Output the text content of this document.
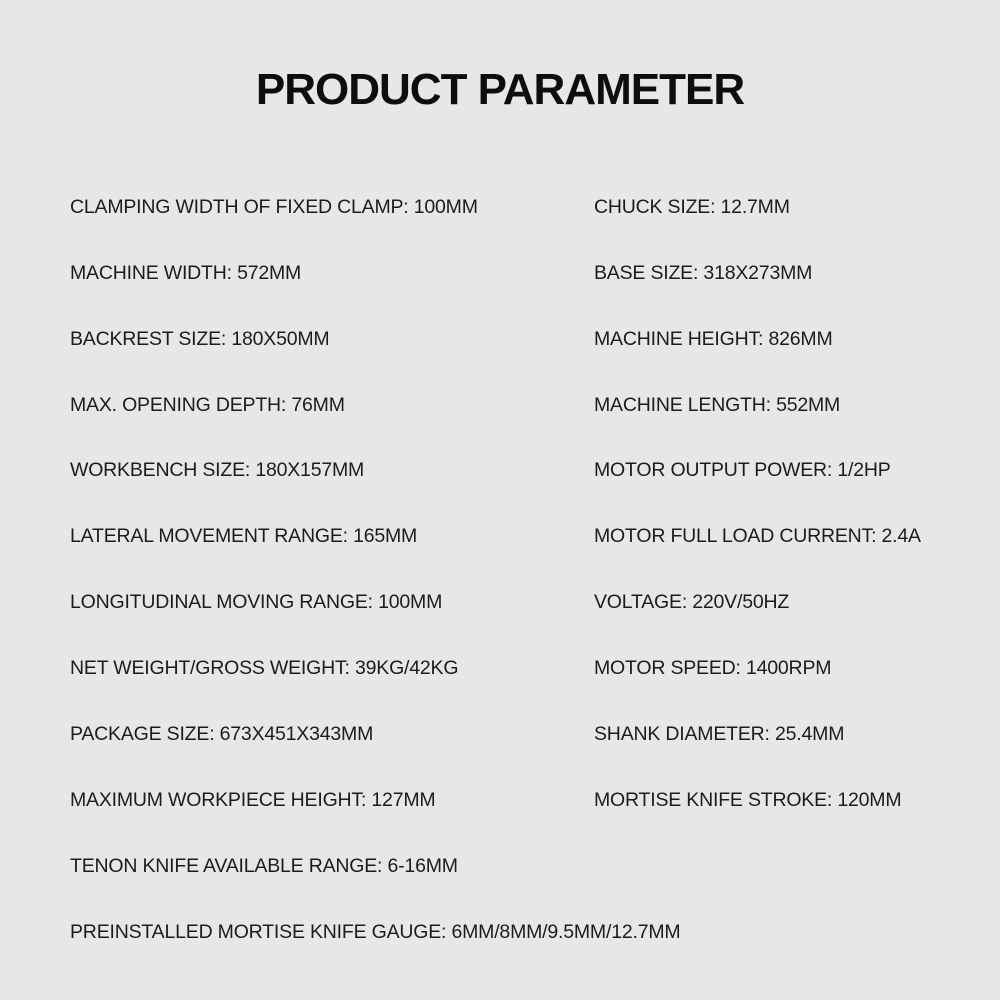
PRODUCT PARAMETER
CLAMPING WIDTH OF FIXED CLAMP: 100MM
MACHINE WIDTH: 572MM
BACKREST SIZE: 180X50MM
MAX. OPENING DEPTH: 76MM
WORKBENCH SIZE: 180X157MM
LATERAL MOVEMENT RANGE: 165MM
LONGITUDINAL MOVING RANGE: 100MM
NET WEIGHT/GROSS WEIGHT: 39KG/42KG
PACKAGE SIZE: 673X451X343MM
MAXIMUM WORKPIECE HEIGHT: 127MM
TENON KNIFE AVAILABLE RANGE: 6-16MM
PREINSTALLED MORTISE KNIFE GAUGE: 6MM/8MM/9.5MM/12.7MM
CHUCK SIZE: 12.7MM
BASE SIZE: 318X273MM
MACHINE HEIGHT: 826MM
MACHINE LENGTH: 552MM
MOTOR OUTPUT POWER: 1/2HP
MOTOR FULL LOAD CURRENT: 2.4A
VOLTAGE: 220V/50HZ
MOTOR SPEED: 1400RPM
SHANK DIAMETER: 25.4MM
MORTISE KNIFE STROKE: 120MM
